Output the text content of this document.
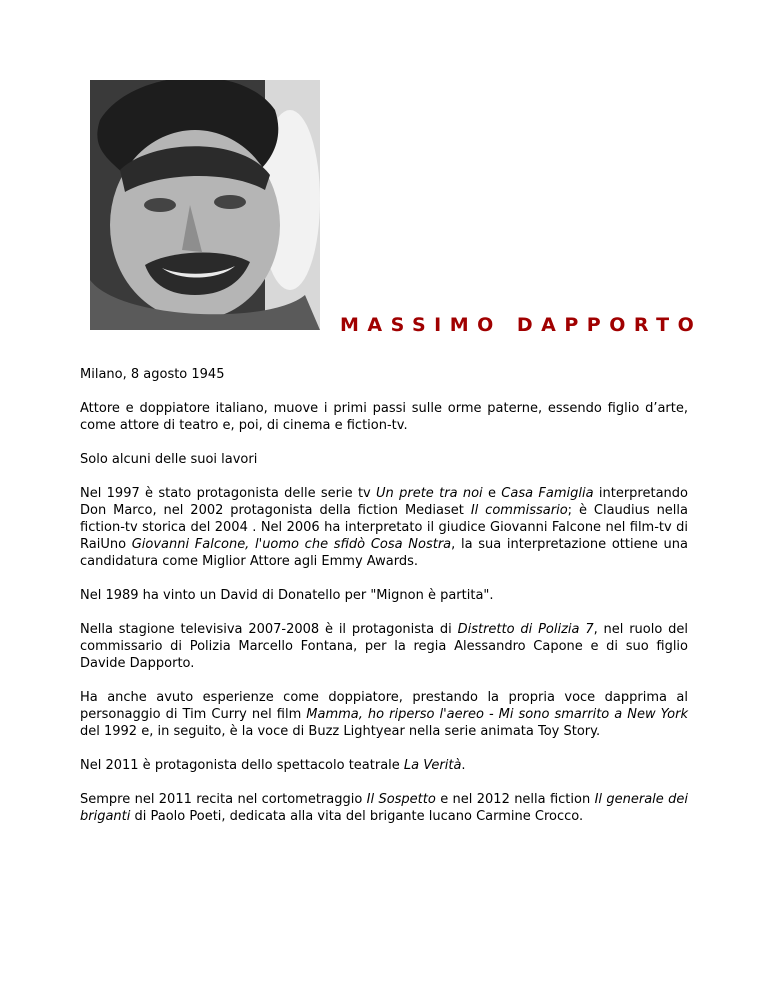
MASSIMO DAPPORTO

Milano, 8 agosto 1945

Attore e doppiatore italiano, muove i primi passi sulle orme paterne, essendo figlio d’arte, come attore di teatro e, poi, di cinema e fiction-tv.

Solo alcuni delle suoi lavori

Nel 1997 è stato protagonista delle serie tv Un prete tra noi e Casa Famiglia interpretando Don Marco, nel 2002 protagonista della fiction Mediaset Il commissario; è Claudius nella fiction-tv storica del 2004 . Nel 2006 ha interpretato il giudice Giovanni Falcone nel film-tv di RaiUno Giovanni Falcone, l'uomo che sfidò Cosa Nostra, la sua interpretazione ottiene una candidatura come Miglior Attore agli Emmy Awards.

Nel 1989 ha vinto un David di Donatello per "Mignon è partita".

Nella stagione televisiva 2007-2008 è il protagonista di Distretto di Polizia 7, nel ruolo del commissario di Polizia Marcello Fontana, per la regia Alessandro Capone e di suo figlio Davide Dapporto.

Ha anche avuto esperienze come doppiatore, prestando la propria voce dapprima al personaggio di Tim Curry nel film Mamma, ho riperso l'aereo - Mi sono smarrito a New York del 1992 e, in seguito, è la voce di Buzz Lightyear nella serie animata Toy Story.

Nel 2011 è protagonista dello spettacolo teatrale La Verità.

Sempre nel 2011 recita nel cortometraggio Il Sospetto e nel 2012 nella fiction Il generale dei briganti di Paolo Poeti, dedicata alla vita del brigante lucano Carmine Crocco.
